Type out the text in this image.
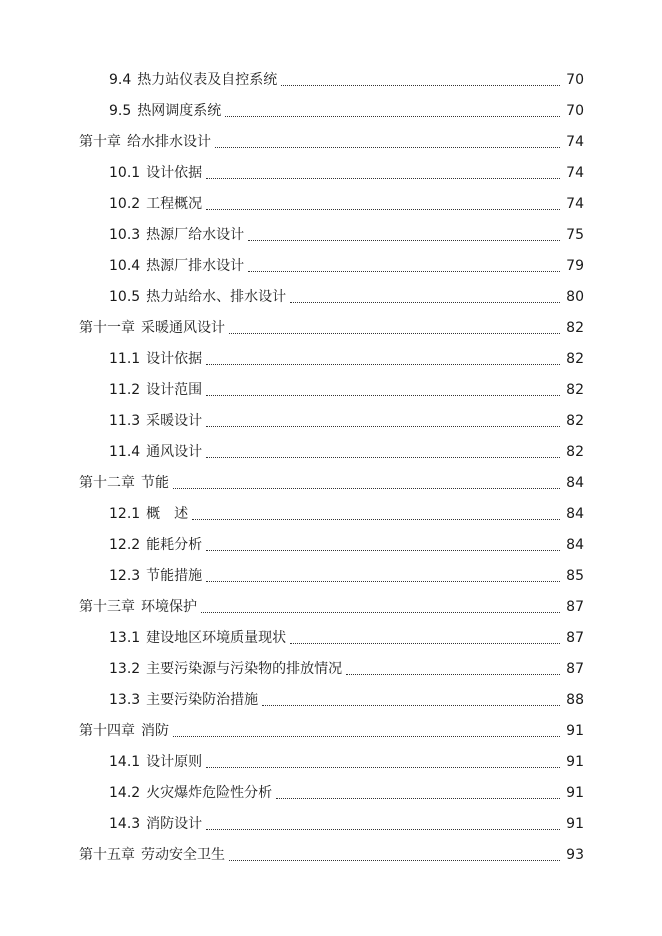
9.4 热力站仪表及自控系统	70
9.5 热网调度系统	70
第十章 给水排水设计	74
10.1 设计依据	74
10.2 工程概况	74
10.3 热源厂给水设计	75
10.4 热源厂排水设计	79
10.5 热力站给水、排水设计	80
第十一章 采暖通风设计	82
11.1 设计依据	82
11.2 设计范围	82
11.3 采暖设计	82
11.4 通风设计	82
第十二章 节能	84
12.1 概　述	84
12.2 能耗分析	84
12.3 节能措施	85
第十三章 环境保护	87
13.1 建设地区环境质量现状	87
13.2 主要污染源与污染物的排放情况	87
13.3 主要污染防治措施	88
第十四章 消防	91
14.1 设计原则	91
14.2 火灾爆炸危险性分析	91
14.3 消防设计	91
第十五章 劳动安全卫生	93
